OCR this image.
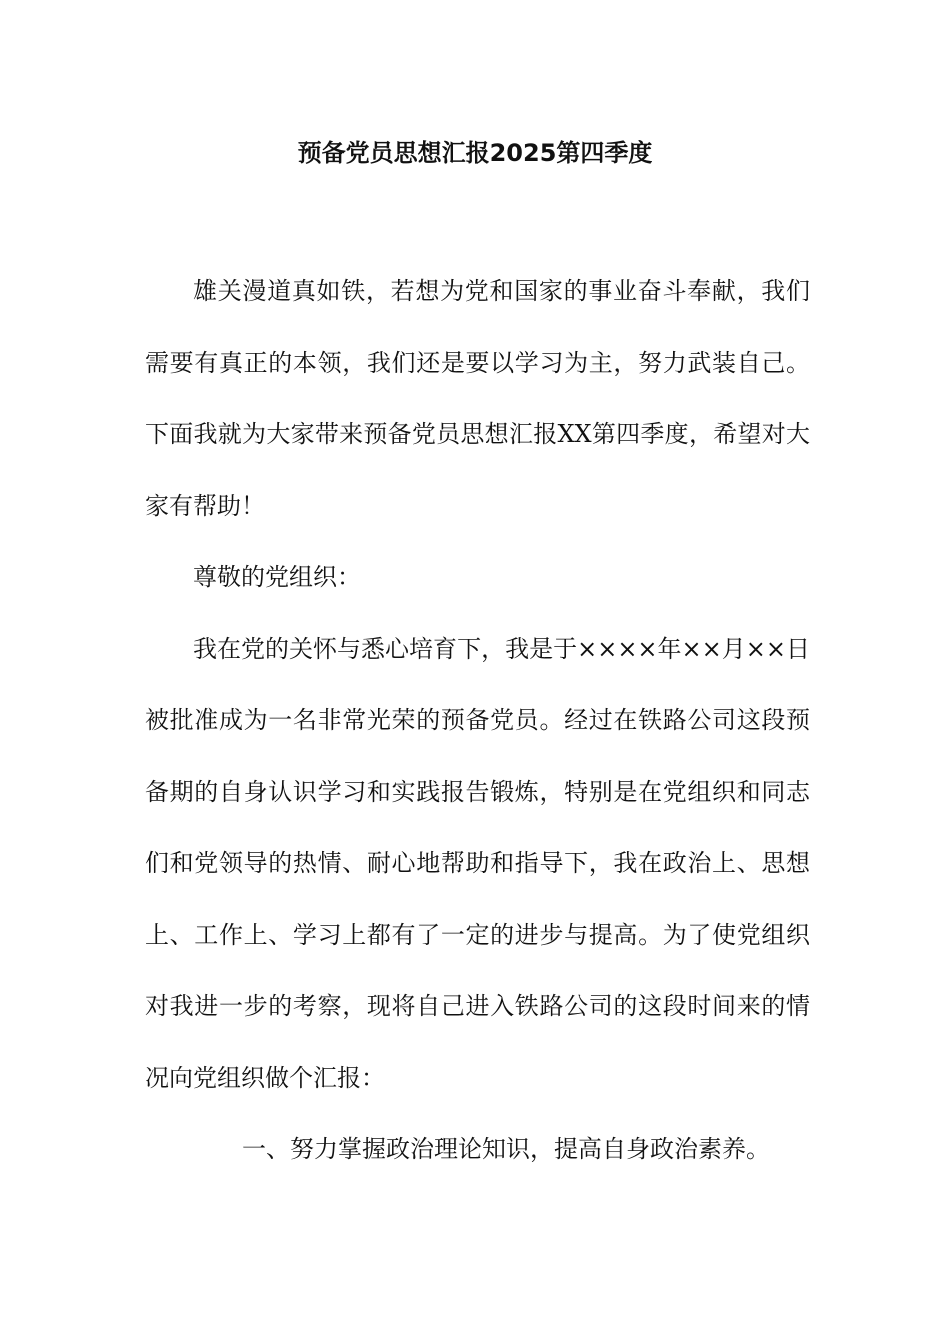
预备党员思想汇报2025第四季度

雄关漫道真如铁，若想为党和国家的事业奋斗奉献，我们需要有真正的本领，我们还是要以学习为主，努力武装自己。下面我就为大家带来预备党员思想汇报XX第四季度，希望对大家有帮助！

尊敬的党组织：

我在党的关怀与悉心培育下，我是于××××年××月××日被批准成为一名非常光荣的预备党员。经过在铁路公司这段预备期的自身认识学习和实践报告锻炼，特别是在党组织和同志们和党领导的热情、耐心地帮助和指导下，我在政治上、思想上、工作上、学习上都有了一定的进步与提高。为了使党组织对我进一步的考察，现将自己进入铁路公司的这段时间来的情况向党组织做个汇报：

一、努力掌握政治理论知识，提高自身政治素养。
